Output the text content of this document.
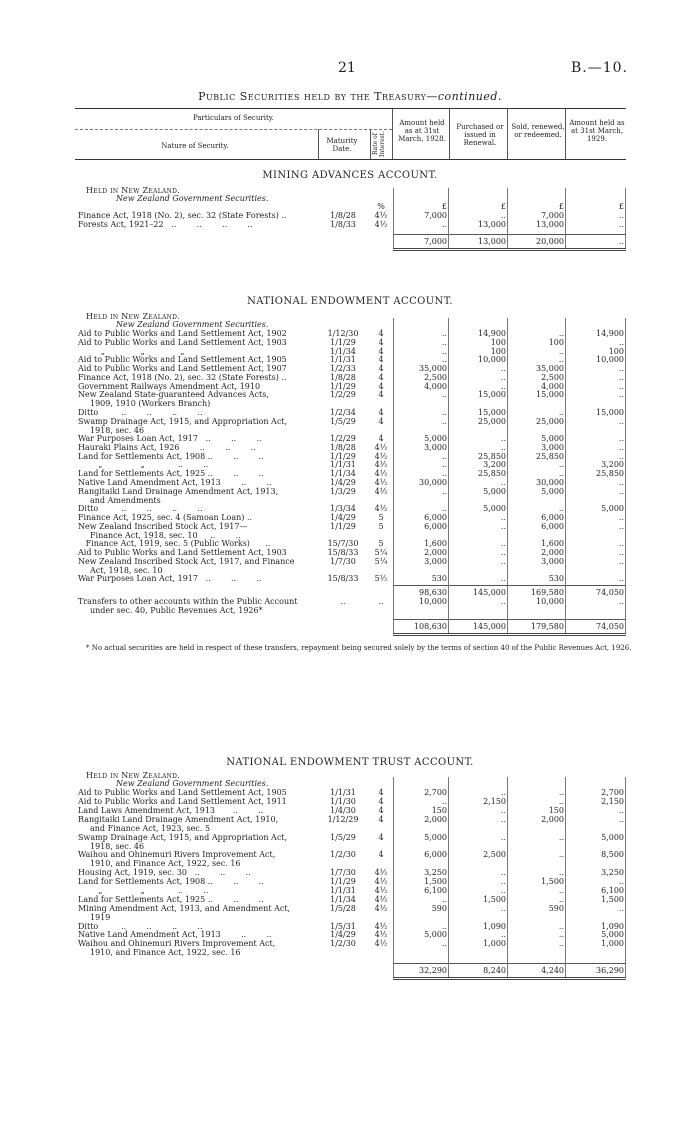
21	B.—10.
Public Securities held by the Treasury—continued.
Particulars of Security.
Nature of Security.
Maturity Date.	Rate of Interest.
Amount held as at 31st March, 1928.
Purchased or issued in Renewal.
Sold, renewed, or redeemed.
Amount held as at 31st March, 1929.
MINING ADVANCES ACCOUNT.
Held in New Zealand.
New Zealand Government Securities.
%	£	£	£	£
Finance Act, 1918 (No. 2), sec. 32 (State Forests) ..	1/8/28	4½	7,000	..	7,000	..
Forests Act, 1921–22   ..        ..        ..        ..	1/8/33	4½	..	13,000	13,000	..
7,000	13,000	20,000	..
NATIONAL ENDOWMENT ACCOUNT.
Held in New Zealand.
New Zealand Government Securities.
Aid to Public Works and Land Settlement Act, 1902	1/12/30	4	..	14,900	..	14,900
Aid to Public Works and Land Settlement Act, 1903	1/1/29	4	..	100	100	..
„              „              „	1/1/34	4	..	100	..	100
Aid to Public Works and Land Settlement Act, 1905	1/1/31	4	..	10,000	..	10,000
Aid to Public Works and Land Settlement Act, 1907	1/2/33	4	35,000	..	35,000	..
Finance Act, 1918 (No. 2), sec. 32 (State Forests) ..	1/8/28	4	2,500	..	2,500	..
Government Railways Amendment Act, 1910	1/1/29	4	4,000	..	4,000	..
New Zealand State-guaranteed Advances Acts,	1/2/29	4	..	15,000	15,000	..
1909, 1910 (Workers Branch)
Ditto         ..        ..        ..        ..	1/2/34	4	..	15,000	..	15,000
Swamp Drainage Act, 1915, and Appropriation Act,	1/5/29	4	..	25,000	25,000	..
1918, sec. 46
War Purposes Loan Act, 1917   ..        ..        ..	1/2/29	4	5,000	..	5,000	..
Hauraki Plains Act, 1926        ..        ..        ..	1/8/28	4½	3,000	..	3,000	..
Land for Settlements Act, 1908 ..        ..        ..	1/1/29	4½	..	25,850	25,850	..
„               „             ..        ..	1/1/31	4½	..	3,200	..	3,200
Land for Settlements Act, 1925 ..        ..        ..	1/1/34	4½	..	25,850	..	25,850
Native Land Amendment Act, 1913        ..        ..	1/4/29	4½	30,000	..	30,000	..
Rangitaiki Land Drainage Amendment Act, 1913,	1/3/29	4½	..	5,000	5,000	..
and Amendments
Ditto         ..        ..        ..        ..	1/3/34	4½	..	5,000	..	5,000
Finance Act, 1925, sec. 4 (Samoan Loan) ..	1/4/29	5	6,000	..	6,000	..
New Zealand Inscribed Stock Act, 1917—	1/1/29	5	6,000	..	6,000	..
Finance Act, 1918, sec. 10     ..        ..
Finance Act, 1919, sec. 5 (Public Works)      ..	15/7/30	5	1,600	..	1,600	..
Aid to Public Works and Land Settlement Act, 1903	15/8/33	5¼	2,000	..	2,000	..
New Zealand Inscribed Stock Act, 1917, and Finance	1/7/30	5¼	3,000	..	3,000	..
Act, 1918, sec. 10
War Purposes Loan Act, 1917   ..        ..        ..	15/8/33	5½	530	..	530	..
98,630	145,000	169,580	74,050
Transfers to other accounts within the Public Account	..	..	10,000	..	10,000	..
under sec. 40, Public Revenues Act, 1926*
108,630	145,000	179,580	74,050
* No actual securities are held in respect of these transfers, repayment being secured solely by the terms of section 40 of the Public Revenues Act, 1926.
NATIONAL ENDOWMENT TRUST ACCOUNT.
Held in New Zealand.
New Zealand Government Securities.
Aid to Public Works and Land Settlement Act, 1905	1/1/31	4	2,700	..	..	2,700
Aid to Public Works and Land Settlement Act, 1911	1/1/30	4	..	2,150	..	2,150
Land Laws Amendment Act, 1913       ..        ..	1/4/30	4	150	..	150	..
Rangitaiki Land Drainage Amendment Act, 1910,	1/12/29	4	2,000	..	2,000	..
and Finance Act, 1923, sec. 5
Swamp Drainage Act, 1915, and Appropriation Act,	1/5/29	4	5,000	..	..	5,000
1918, sec. 46
Waihou and Ohinemuri Rivers Improvement Act,	1/2/30	4	6,000	2,500	..	8,500
1910, and Finance Act, 1922, sec. 16
Housing Act, 1919, sec. 30   ..        ..        ..	1/7/30	4½	3,250	..	..	3,250
Land for Settlements Act, 1908 ..        ..        ..	1/1/29	4½	1,500	..	1,500	..
„               „             ..        ..	1/1/31	4½	6,100	..	..	6,100
Land for Settlements Act, 1925 ..        ..        ..	1/1/34	4½	..	1,500	..	1,500
Mining Amendment Act, 1913, and Amendment Act,	1/5/28	4½	590	..	590	..
1919
Ditto         ..        ..        ..        ..	1/5/31	4½	..	1,090	..	1,090
Native Land Amendment Act, 1913        ..        ..	1/4/29	4½	5,000	..	..	5,000
Waihou and Ohinemuri Rivers Improvement Act,	1/2/30	4½	..	1,000	..	1,000
1910, and Finance Act, 1922, sec. 16
32,290	8,240	4,240	36,290
